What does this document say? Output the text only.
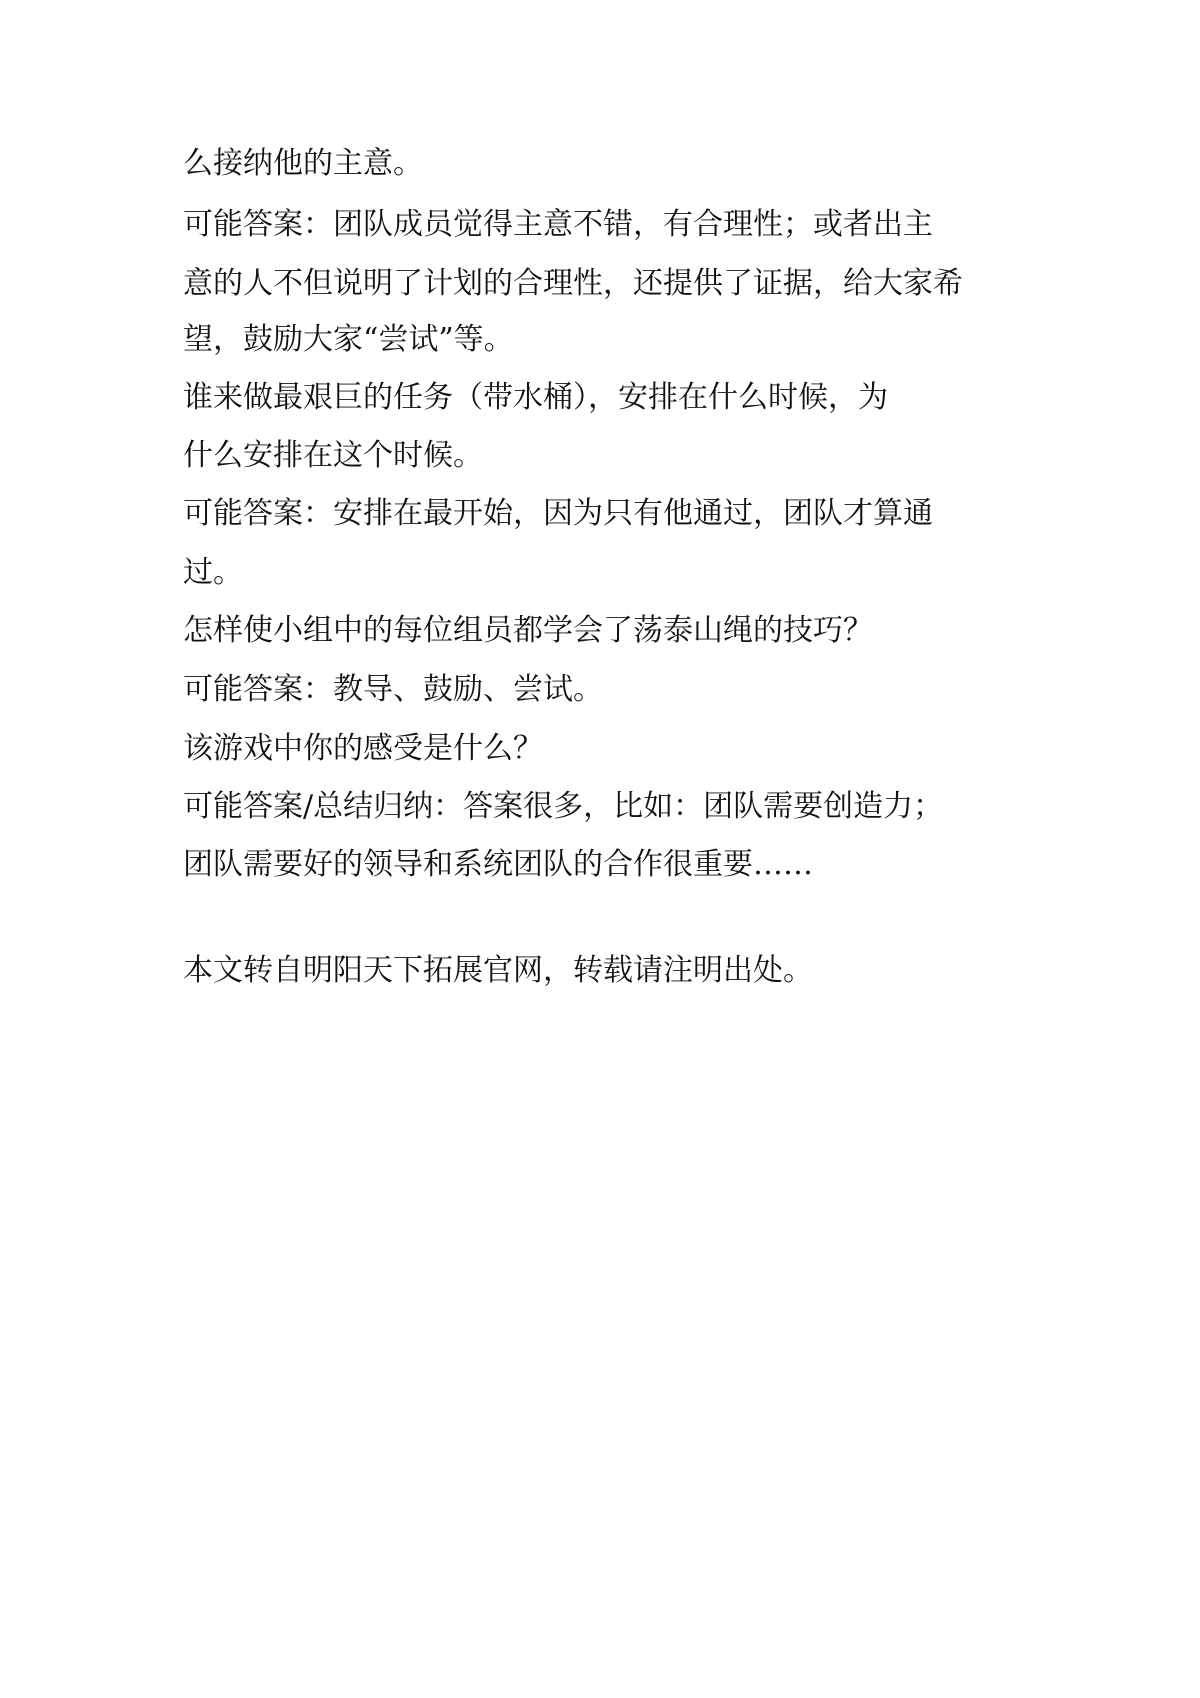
么接纳他的主意。
可能答案：团队成员觉得主意不错，有合理性；或者出主
意的人不但说明了计划的合理性，还提供了证据，给大家希
望，鼓励大家“尝试”等。
谁来做最艰巨的任务（带水桶），安排在什么时候，为
什么安排在这个时候。
可能答案：安排在最开始，因为只有他通过，团队才算通
过。
怎样使小组中的每位组员都学会了荡泰山绳的技巧？
可能答案：教导、鼓励、尝试。
该游戏中你的感受是什么？
可能答案/总结归纳：答案很多，比如：团队需要创造力；
团队需要好的领导和系统团队的合作很重要……
本文转自明阳天下拓展官网，转载请注明出处。
